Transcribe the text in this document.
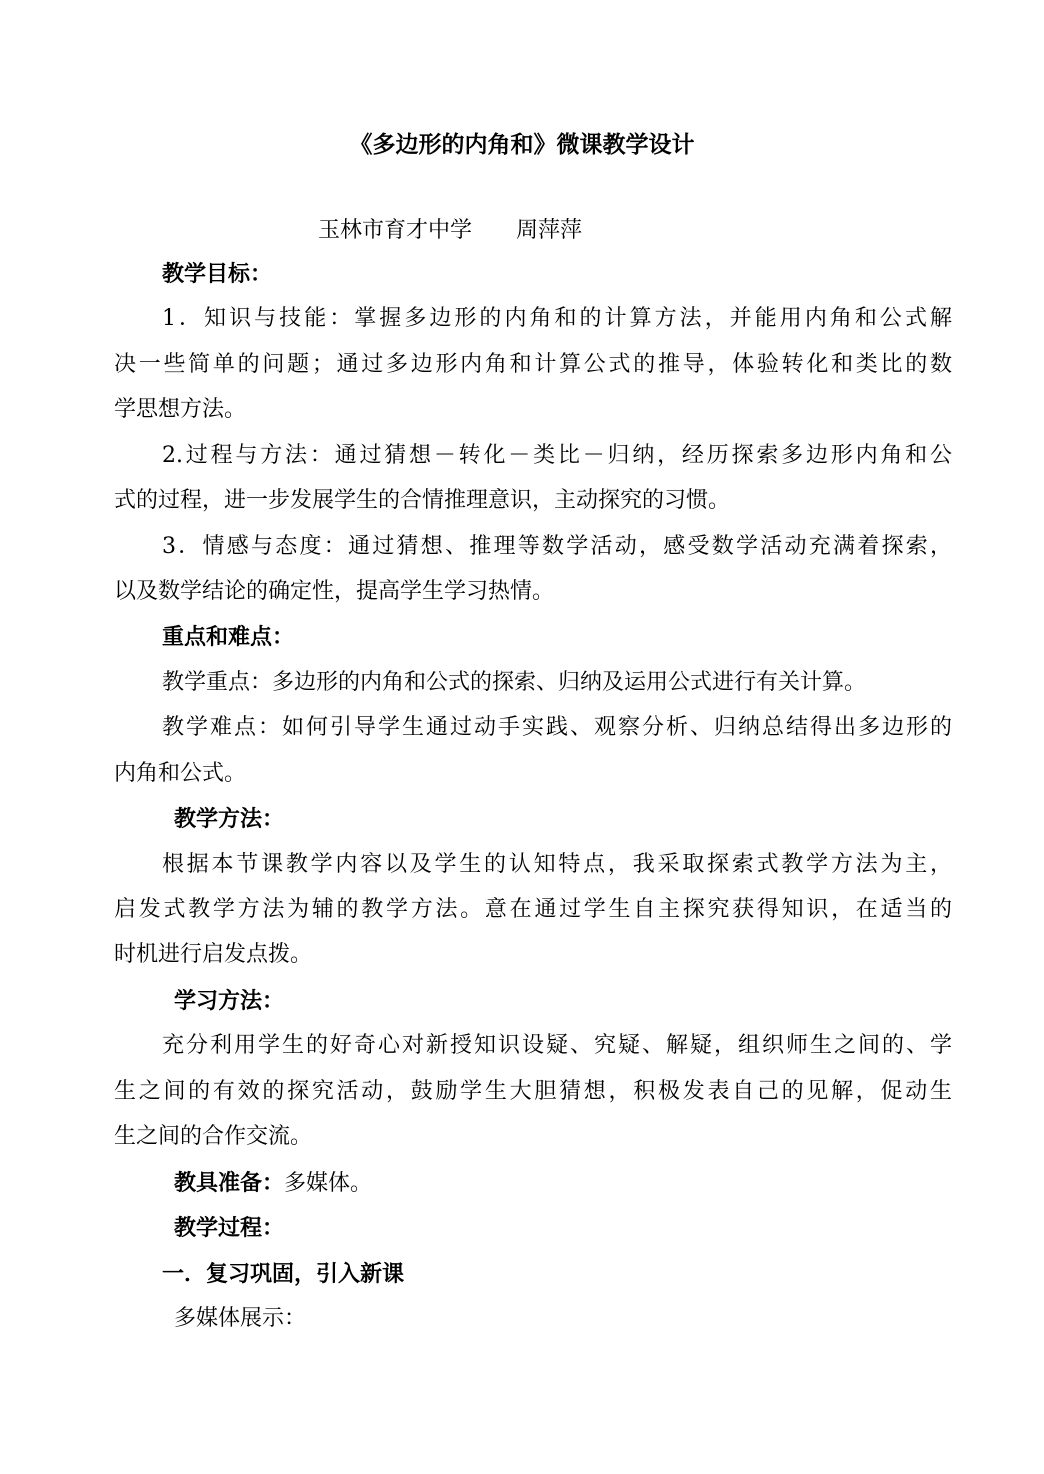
《多边形的内角和》微课教学设计
玉林市育才中学　　周萍萍
教学目标：
1．知识与技能：掌握多边形的内角和的计算方法，并能用内角和公式解
决一些简单的问题；通过多边形内角和计算公式的推导，体验转化和类比的数
学思想方法。
2.过程与方法：通过猜想－转化－类比－归纳，经历探索多边形内角和公
式的过程，进一步发展学生的合情推理意识，主动探究的习惯。
3．情感与态度：通过猜想、推理等数学活动，感受数学活动充满着探索，
以及数学结论的确定性，提高学生学习热情。
重点和难点：
教学重点：多边形的内角和公式的探索、归纳及运用公式进行有关计算。
教学难点：如何引导学生通过动手实践、观察分析、归纳总结得出多边形的
内角和公式。
教学方法：
根据本节课教学内容以及学生的认知特点，我采取探索式教学方法为主，
启发式教学方法为辅的教学方法。意在通过学生自主探究获得知识，在适当的
时机进行启发点拨。
学习方法：
充分利用学生的好奇心对新授知识设疑、究疑、解疑，组织师生之间的、学
生之间的有效的探究活动，鼓励学生大胆猜想，积极发表自己的见解，促动生
生之间的合作交流。
教具准备：多媒体。
教学过程：
一．复习巩固，引入新课
多媒体展示：
